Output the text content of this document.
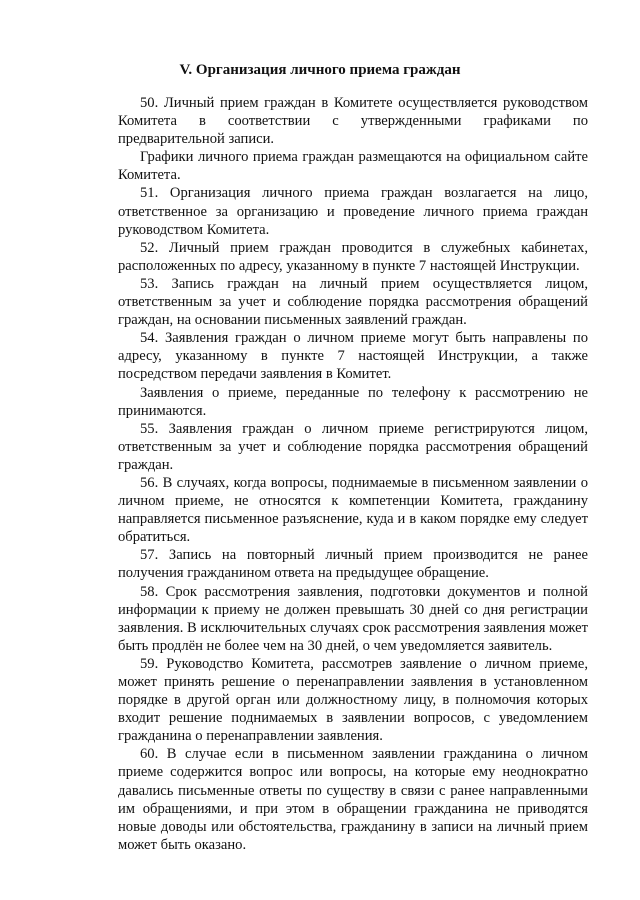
V. Организация личного приема граждан

50. Личный прием граждан в Комитете осуществляется руководством Комитета в соответствии с утвержденными графиками по предварительной записи.

Графики личного приема граждан размещаются на официальном сайте Комитета.

51. Организация личного приема граждан возлагается на лицо, ответственное за организацию и проведение личного приема граждан руководством Комитета.

52. Личный прием граждан проводится в служебных кабинетах, расположенных по адресу, указанному в пункте 7 настоящей Инструкции.

53. Запись граждан на личный прием осуществляется лицом, ответственным за учет и соблюдение порядка рассмотрения обращений граждан, на основании письменных заявлений граждан.

54. Заявления граждан о личном приеме могут быть направлены по адресу, указанному в пункте 7 настоящей Инструкции, а также посредством передачи заявления в Комитет.

Заявления о приеме, переданные по телефону к рассмотрению не принимаются.

55. Заявления граждан о личном приеме регистрируются лицом, ответственным за учет и соблюдение порядка рассмотрения обращений граждан.

56. В случаях, когда вопросы, поднимаемые в письменном заявлении о личном приеме, не относятся к компетенции Комитета, гражданину направляется письменное разъяснение, куда и в каком порядке ему следует обратиться.

57. Запись на повторный личный прием производится не ранее получения гражданином ответа на предыдущее обращение.

58. Срок рассмотрения заявления, подготовки документов и полной информации к приему не должен превышать 30 дней со дня регистрации заявления. В исключительных случаях срок рассмотрения заявления может быть продлён не более чем на 30 дней, о чем уведомляется заявитель.

59. Руководство Комитета, рассмотрев заявление о личном приеме, может принять решение о перенаправлении заявления в установленном порядке в другой орган или должностному лицу, в полномочия которых входит решение поднимаемых в заявлении вопросов, с уведомлением гражданина о перенаправлении заявления.

60. В случае если в письменном заявлении гражданина о личном приеме содержится вопрос или вопросы, на которые ему неоднократно давались письменные ответы по существу в связи с ранее направленными им обращениями, и при этом в обращении гражданина не приводятся новые доводы или обстоятельства, гражданину в записи на личный прием может быть оказано.
